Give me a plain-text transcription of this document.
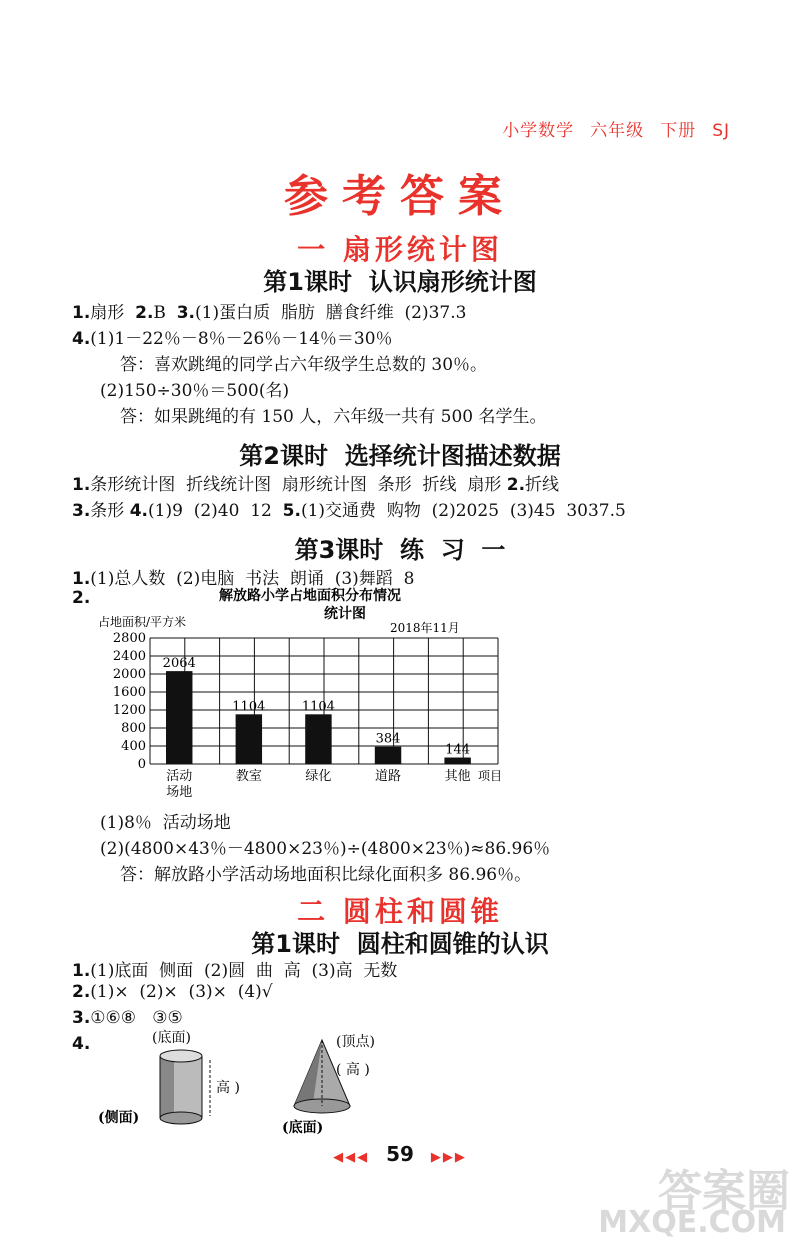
小学数学 六年级 下册 SJ
参考答案
一 扇形统计图
第1课时  认识扇形统计图
1.扇形  2.B  3.(1)蛋白质  脂肪  膳食纤维  (2)37.3
4.(1)1－22％－8％－26％－14％＝30％
答：喜欢跳绳的同学占六年级学生总数的 30％。
(2)150÷30％＝500(名)
答：如果跳绳的有 150 人，六年级一共有 500 名学生。
第2课时  选择统计图描述数据
1.条形统计图  折线统计图  扇形统计图  条形  折线  扇形 2.折线
3.条形 4.(1)9  (2)40  12  5.(1)交通费  购物  (2)2025  (3)45  3037.5
第3课时  练  习  一
1.(1)总人数  (2)电脑  书法  朗诵  (3)舞蹈  8
2.	解放路小学占地面积分布情况
统计图
占地面积/平方米	2018年11月
0
400
800
1200
1600
2000
2400
2800
2064
活动
场地
1104
教室
1104
绿化
384
道路
144
其他 项目
(1)8％  活动场地
(2)(4800×43％－4800×23％)÷(4800×23％)≈86.96％
答：解放路小学活动场地面积比绿化面积多 86.96％。
二 圆柱和圆锥
第1课时  圆柱和圆锥的认识
1.(1)底面  侧面  (2)圆  曲  高  (3)高  无数
2.(1)×  (2)×  (3)×  (4)√
3.①⑥⑧   ③⑤
4.	(底面)
高 )
(侧面)
(顶点)
( 高 )
(底面)
◀◀◀ 59 ▶▶▶
答案圈
MXQE.COM
